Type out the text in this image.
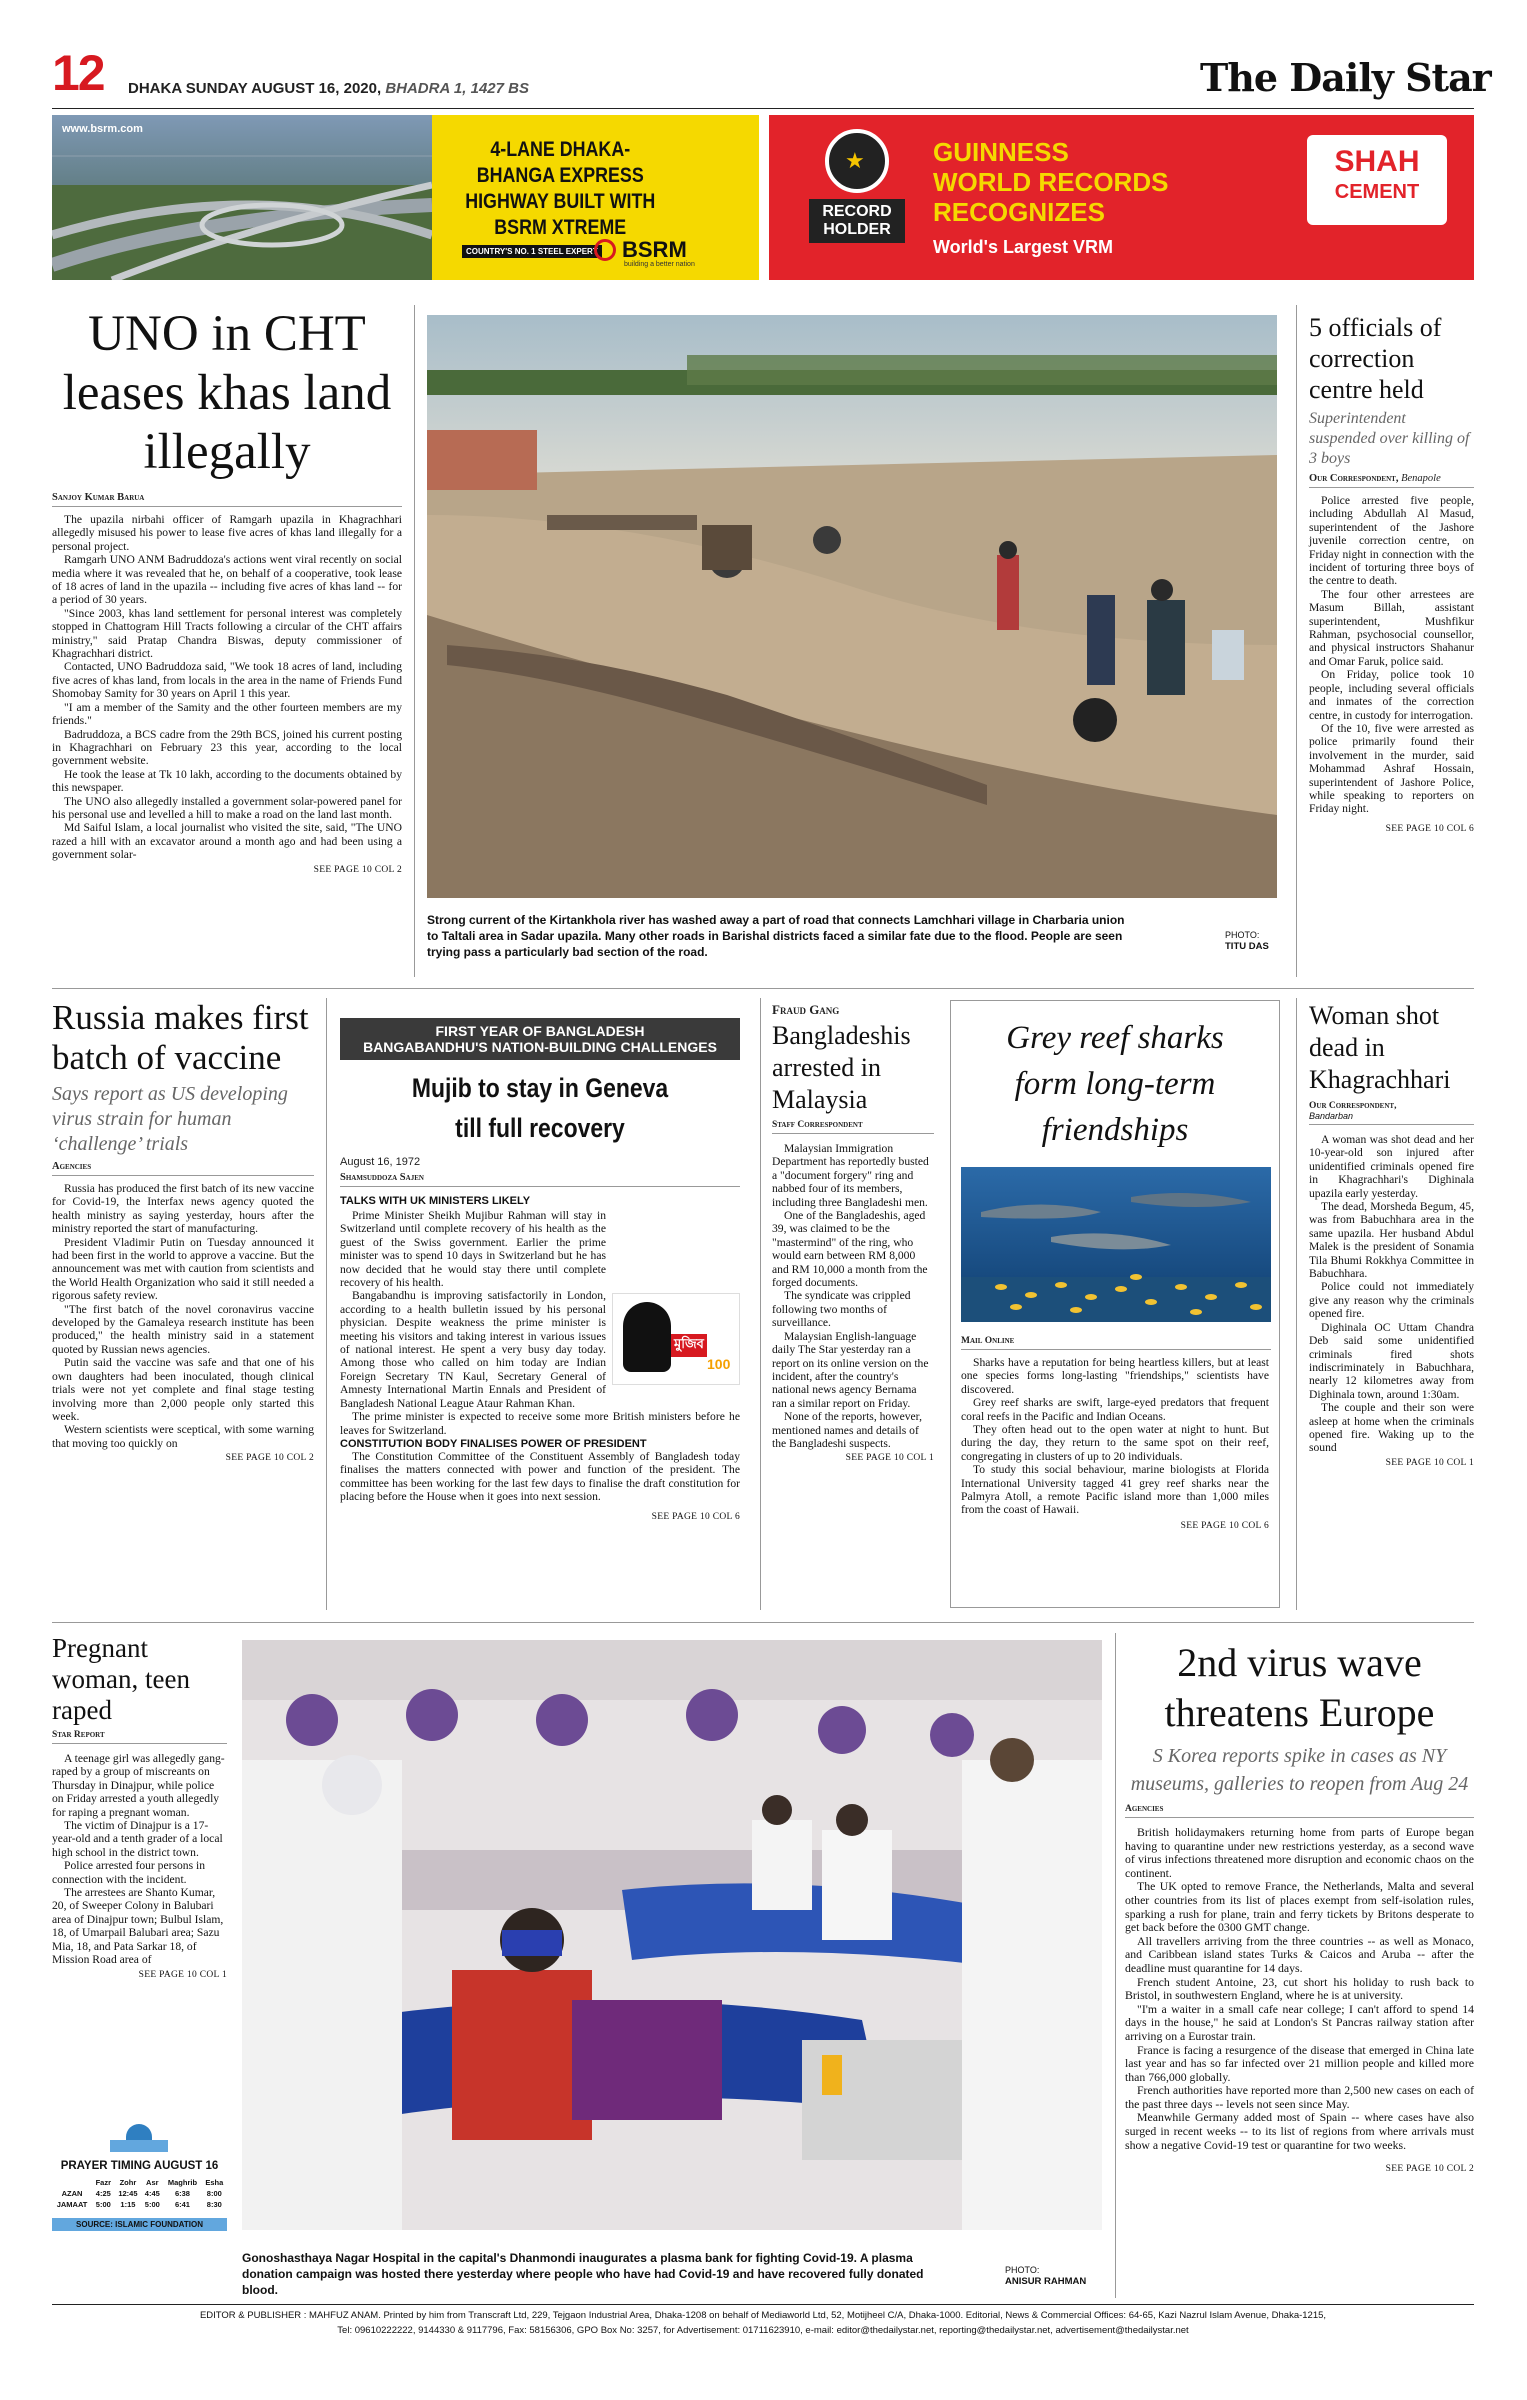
12 DHAKA SUNDAY AUGUST 16, 2020, BHADRA 1, 1427 BS	The Daily Star
www.bsrm.com
4-LANE DHAKA-BHANGA EXPRESS HIGHWAY BUILT WITH BSRM XTREME
COUNTRY'S NO. 1 STEEL EXPERT BSRM
building a better nation
★
RECORD HOLDER
GUINNESS
WORLD RECORDS
RECOGNIZES
World's Largest VRM
SHAH
CEMENT
UNO in CHT leases khas land illegally
Sanjoy Kumar Barua

The upazila nirbahi officer of Ramgarh upazila in Khagrachhari allegedly misused his power to lease five acres of khas land illegally for a personal project.

Ramgarh UNO ANM Badruddoza's actions went viral recently on social media where it was revealed that he, on behalf of a cooperative, took lease of 18 acres of land in the upazila -- including five acres of khas land -- for a period of 30 years.

"Since 2003, khas land settlement for personal interest was completely stopped in Chattogram Hill Tracts following a circular of the CHT affairs ministry," said Pratap Chandra Biswas, deputy commissioner of Khagrachhari district.

Contacted, UNO Badruddoza said, "We took 18 acres of land, including five acres of khas land, from locals in the area in the name of Friends Fund Shomobay Samity for 30 years on April 1 this year.

"I am a member of the Samity and the other fourteen members are my friends."

Badruddoza, a BCS cadre from the 29th BCS, joined his current posting in Khagrachhari on February 23 this year, according to the local government website.

He took the lease at Tk 10 lakh, according to the documents obtained by this newspaper.

The UNO also allegedly installed a government solar-powered panel for his personal use and levelled a hill to make a road on the land last month.

Md Saiful Islam, a local journalist who visited the site, said, "The UNO razed a hill with an excavator around a month ago and had been using a government solar-

SEE PAGE 10 COL 2
Strong current of the Kirtankhola river has washed away a part of road that connects Lamchhari village in Charbaria union to Taltali area in Sadar upazila. Many other roads in Barishal districts faced a similar fate due to the flood. People are seen trying pass a particularly bad section of the road.
PHOTO:
TITU DAS
5 officials of correction centre held
Superintendent suspended over killing of 3 boys
Our Correspondent, Benapole

Police arrested five people, including Abdullah Al Masud, superintendent of the Jashore juvenile correction centre, on Friday night in connection with the incident of torturing three boys of the centre to death.

The four other arrestees are Masum Billah, assistant superintendent, Mushfikur Rahman, psychosocial counsellor, and physical instructors Shahanur and Omar Faruk, police said.

On Friday, police took 10 people, including several officials and inmates of the correction centre, in custody for interrogation.

Of the 10, five were arrested as police primarily found their involvement in the murder, said Mohammad Ashraf Hossain, superintendent of Jashore Police, while speaking to reporters on Friday night.

SEE PAGE 10 COL 6
Russia makes first batch of vaccine
Says report as US developing virus strain for human ‘challenge’ trials
Agencies

Russia has produced the first batch of its new vaccine for Covid-19, the Interfax news agency quoted the health ministry as saying yesterday, hours after the ministry reported the start of manufacturing.

President Vladimir Putin on Tuesday announced it had been first in the world to approve a vaccine. But the announcement was met with caution from scientists and the World Health Organization who said it still needed a rigorous safety review.

"The first batch of the novel coronavirus vaccine developed by the Gamaleya research institute has been produced," the health ministry said in a statement quoted by Russian news agencies.

Putin said the vaccine was safe and that one of his own daughters had been inoculated, though clinical trials were not yet complete and final stage testing involving more than 2,000 people only started this week.

Western scientists were sceptical, with some warning that moving too quickly on

SEE PAGE 10 COL 2
FIRST YEAR OF BANGLADESH
BANGABANDHU'S NATION-BUILDING CHALLENGES
Mujib to stay in Geneva till full recovery
August 16, 1972
Shamsuddoza Sajen
TALKS WITH UK MINISTERS LIKELY
মুজিব
100

Prime Minister Sheikh Mujibur Rahman will stay in Switzerland until complete recovery of his health as the guest of the Swiss government. Earlier the prime minister was to spend 10 days in Switzerland but he has now decided that he would stay there until complete recovery of his health.

Bangabandhu is improving satisfactorily in London, according to a health bulletin issued by his personal physician. Despite weakness the prime minister is meeting his visitors and taking interest in various issues of national interest. He spent a very busy day today. Among those who called on him today are Indian Foreign Secretary TN Kaul, Secretary General of Amnesty International Martin Ennals and President of Bangladesh National League Ataur Rahman Khan.

The prime minister is expected to receive some more British ministers before he leaves for Switzerland.

CONSTITUTION BODY FINALISES POWER OF PRESIDENT

The Constitution Committee of the Constituent Assembly of Bangladesh today finalises the matters connected with power and function of the president. The committee has been working for the last few days to finalise the draft constitution for placing before the House when it goes into next session.

SEE PAGE 10 COL 6
Fraud Gang
Bangladeshis arrested in Malaysia
Staff Correspondent

Malaysian Immigration Department has reportedly busted a "document forgery" ring and nabbed four of its members, including three Bangladeshi men.

One of the Bangladeshis, aged 39, was claimed to be the "mastermind" of the ring, who would earn between RM 8,000 and RM 10,000 a month from the forged documents.

The syndicate was crippled following two months of surveillance.

Malaysian English-language daily The Star yesterday ran a report on its online version on the incident, after the country's national news agency Bernama ran a similar report on Friday.

None of the reports, however, mentioned names and details of the Bangladeshi suspects.

SEE PAGE 10 COL 1
Grey reef sharks form long-term friendships
Mail Online

Sharks have a reputation for being heartless killers, but at least one species forms long-lasting "friendships," scientists have discovered.

Grey reef sharks are swift, large-eyed predators that frequent coral reefs in the Pacific and Indian Oceans.

They often head out to the open water at night to hunt. But during the day, they return to the same spot on their reef, congregating in clusters of up to 20 individuals.

To study this social behaviour, marine biologists at Florida International University tagged 41 grey reef sharks near the Palmyra Atoll, a remote Pacific island more than 1,000 miles from the coast of Hawaii.

SEE PAGE 10 COL 6
Woman shot dead in Khagrachhari
Our Correspondent,
Bandarban

A woman was shot dead and her 10-year-old son injured after unidentified criminals opened fire in Khagrachhari's Dighinala upazila early yesterday.

The dead, Morsheda Begum, 45, was from Babuchhara area in the same upazila. Her husband Abdul Malek is the president of Sonamia Tila Bhumi Rokkhya Committee in Babuchhara.

Police could not immediately give any reason why the criminals opened fire.

Dighinala OC Uttam Chandra Deb said some unidentified criminals fired shots indiscriminately in Babuchhara, nearly 12 kilometres away from Dighinala town, around 1:30am.

The couple and their son were asleep at home when the criminals opened fire. Waking up to the sound

SEE PAGE 10 COL 1
Pregnant woman, teen raped
Star Report

A teenage girl was allegedly gang-raped by a group of miscreants on Thursday in Dinajpur, while police on Friday arrested a youth allegedly for raping a pregnant woman.

The victim of Dinajpur is a 17-year-old and a tenth grader of a local high school in the district town.

Police arrested four persons in connection with the incident.

The arrestees are Shanto Kumar, 20, of Sweeper Colony in Balubari area of Dinajpur town; Bulbul Islam, 18, of Umarpail Balubari area; Sazu Mia, 18, and Pata Sarkar 18, of Mission Road area of

SEE PAGE 10 COL 1
PRAYER TIMING AUGUST 16
	Fazr	Zohr	Asr	Maghrib	Esha
AZAN	4:25	12:45	4:45	6:38	8:00
JAMAAT	5:00	1:15	5:00	6:41	8:30
SOURCE: ISLAMIC FOUNDATION
Gonoshasthaya Nagar Hospital in the capital's Dhanmondi inaugurates a plasma bank for fighting Covid-19. A plasma donation campaign was hosted there yesterday where people who have had Covid-19 and have recovered fully donated blood.
PHOTO:
ANISUR RAHMAN
2nd virus wave threatens Europe
S Korea reports spike in cases as NY museums, galleries to reopen from Aug 24
Agencies

British holidaymakers returning home from parts of Europe began having to quarantine under new restrictions yesterday, as a second wave of virus infections threatened more disruption and economic chaos on the continent.

The UK opted to remove France, the Netherlands, Malta and several other countries from its list of places exempt from self-isolation rules, sparking a rush for plane, train and ferry tickets by Britons desperate to get back before the 0300 GMT change.

All travellers arriving from the three countries -- as well as Monaco, and Caribbean island states Turks & Caicos and Aruba -- after the deadline must quarantine for 14 days.

French student Antoine, 23, cut short his holiday to rush back to Bristol, in southwestern England, where he is at university.

"I'm a waiter in a small cafe near college; I can't afford to spend 14 days in the house," he said at London's St Pancras railway station after arriving on a Eurostar train.

France is facing a resurgence of the disease that emerged in China late last year and has so far infected over 21 million people and killed more than 766,000 globally.

French authorities have reported more than 2,500 new cases on each of the past three days -- levels not seen since May.

Meanwhile Germany added most of Spain -- where cases have also surged in recent weeks -- to its list of regions from where arrivals must show a negative Covid-19 test or quarantine for two weeks.

SEE PAGE 10 COL 2
EDITOR & PUBLISHER : MAHFUZ ANAM. Printed by him from Transcraft Ltd, 229, Tejgaon Industrial Area, Dhaka-1208 on behalf of Mediaworld Ltd, 52, Motijheel C/A, Dhaka-1000. Editorial, News & Commercial Offices: 64-65, Kazi Nazrul Islam Avenue, Dhaka-1215,
Tel: 09610222222, 9144330 & 9117796, Fax: 58156306, GPO Box No: 3257, for Advertisement: 01711623910, e-mail: editor@thedailystar.net, reporting@thedailystar.net, advertisement@thedailystar.net
